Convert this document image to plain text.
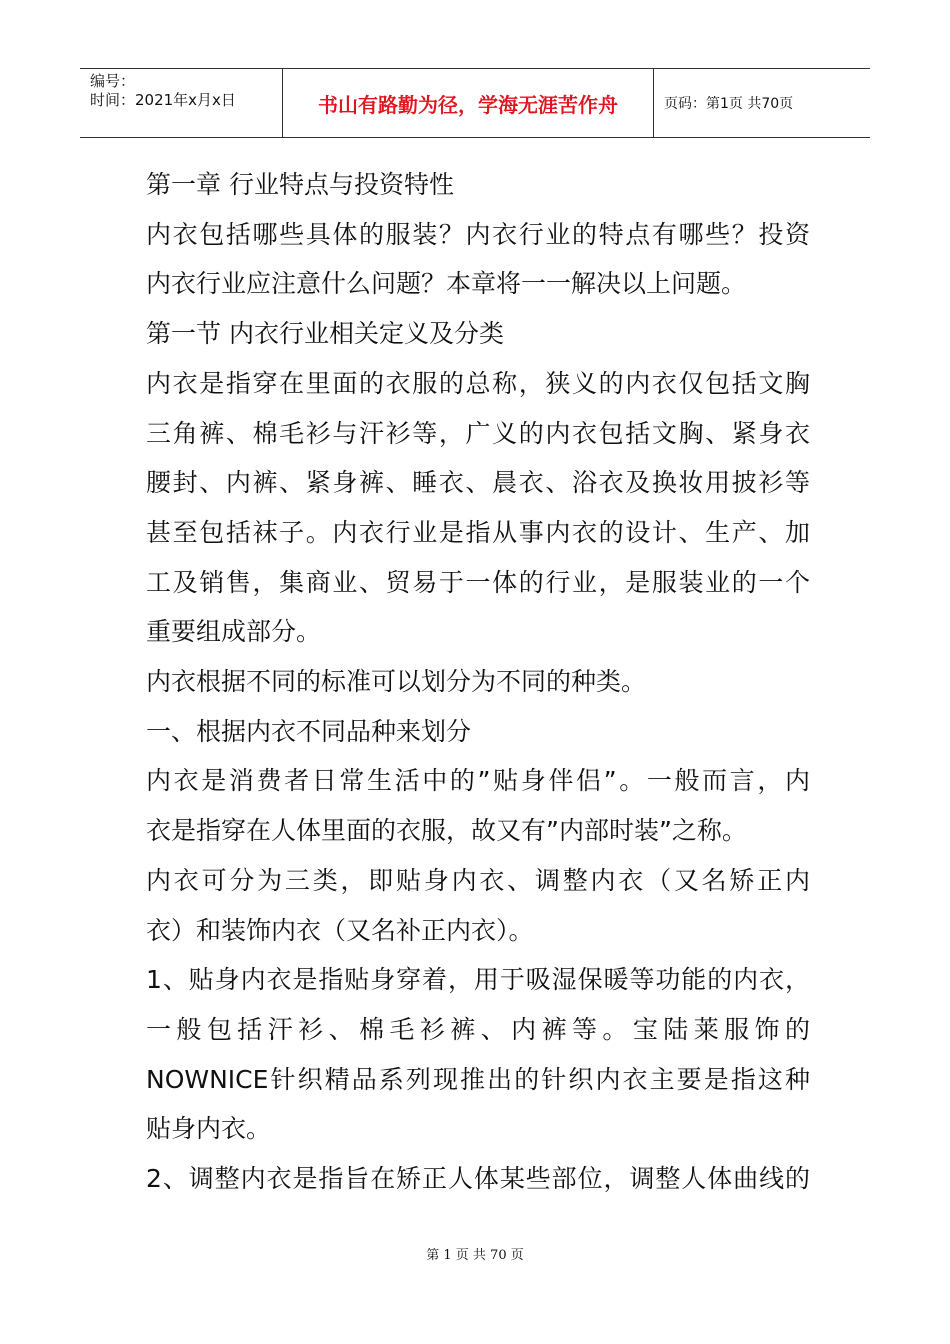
编号：
时间：2021年x月x日	书山有路勤为径，学海无涯苦作舟	页码：第1页 共70页

第一章 行业特点与投资特性

内衣包括哪些具体的服装？内衣行业的特点有哪些？投资

内衣行业应注意什么问题？本章将一一解决以上问题。

第一节 内衣行业相关定义及分类

内衣是指穿在里面的衣服的总称，狭义的内衣仅包括文胸

三角裤、棉毛衫与汗衫等，广义的内衣包括文胸、紧身衣

腰封、内裤、紧身裤、睡衣、晨衣、浴衣及换妆用披衫等

甚至包括袜子。内衣行业是指从事内衣的设计、生产、加

工及销售，集商业、贸易于一体的行业，是服装业的一个

重要组成部分。

内衣根据不同的标准可以划分为不同的种类。

一、根据内衣不同品种来划分

内衣是消费者日常生活中的”贴身伴侣”。一般而言，内

衣是指穿在人体里面的衣服，故又有”内部时装”之称。

内衣可分为三类，即贴身内衣、调整内衣（又名矫正内

衣）和装饰内衣（又名补正内衣）。

1、贴身内衣是指贴身穿着，用于吸湿保暖等功能的内衣，

一般包括汗衫、棉毛衫裤、内裤等。宝陆莱服饰的

NOWNICE针织精品系列现推出的针织内衣主要是指这种

贴身内衣。

2、调整内衣是指旨在矫正人体某些部位，调整人体曲线的

第 1 页 共 70 页
